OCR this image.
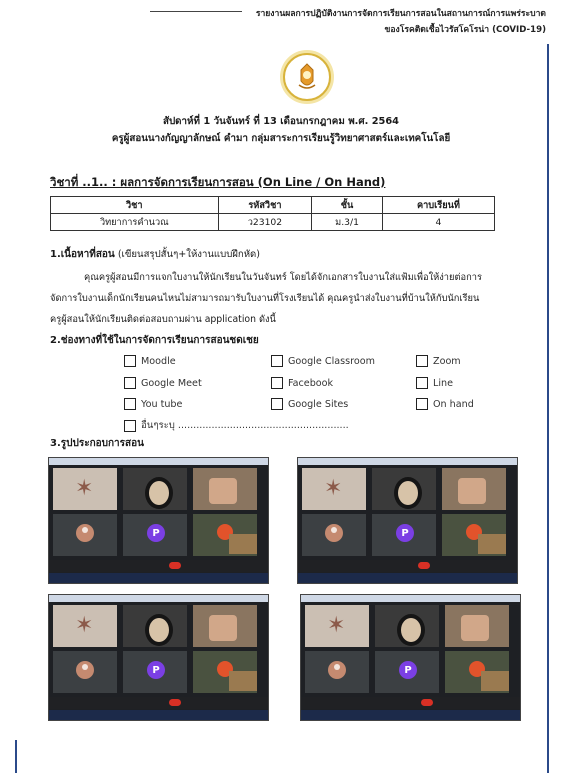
รายงานผลการปฏิบัติงานการจัดการเรียนการสอนในสถานการณ์การแพร่ระบาด
ของโรคติดเชื้อไวรัสโคโรน่า (COVID-19)
สัปดาห์ที่ 1 วันจันทร์ ที่ 13 เดือนกรกฎาคม พ.ศ. 2564
ครูผู้สอนนางกัญญาลักษณ์ คำมา กลุ่มสาระการเรียนรู้วิทยาศาสตร์และเทคโนโลยี
วิชาที่ ..1.. : ผลการจัดการเรียนการสอน (On Line / On Hand)
วิชา	รหัสวิชา	ชั้น	คาบเรียนที่
วิทยาการคำนวณ	ว23102	ม.3/1	4
1.เนื้อหาที่สอน (เขียนสรุปสั้นๆ+ให้งานแบบฝึกหัด)
คุณครูผู้สอนมีการแจกใบงานให้นักเรียนในวันจันทร์ โดยได้จักเอกสารใบงานใส่แฟ้มเพื่อให้ง่ายต่อการ
จัดการใบงานเด็กนักเรียนคนไหนไม่สามารถมารับใบงานที่โรงเรียนได้ คุณครูนำส่งใบงานที่บ้านให้กับนักเรียน
ครูผู้สอนให้นักเรียนติดต่อสอบถามผ่าน application ดังนี้
2.ช่องทางที่ใช้ในการจัดการเรียนการสอนชดเชย
Moodle	Google Classroom	Zoom
Google Meet	Facebook	Line
You tube	Google Sites	On hand
อื่นๆระบุ ........................................................
3.รูปประกอบการสอน
✶
P
✶
P
✶
P
✶
P
